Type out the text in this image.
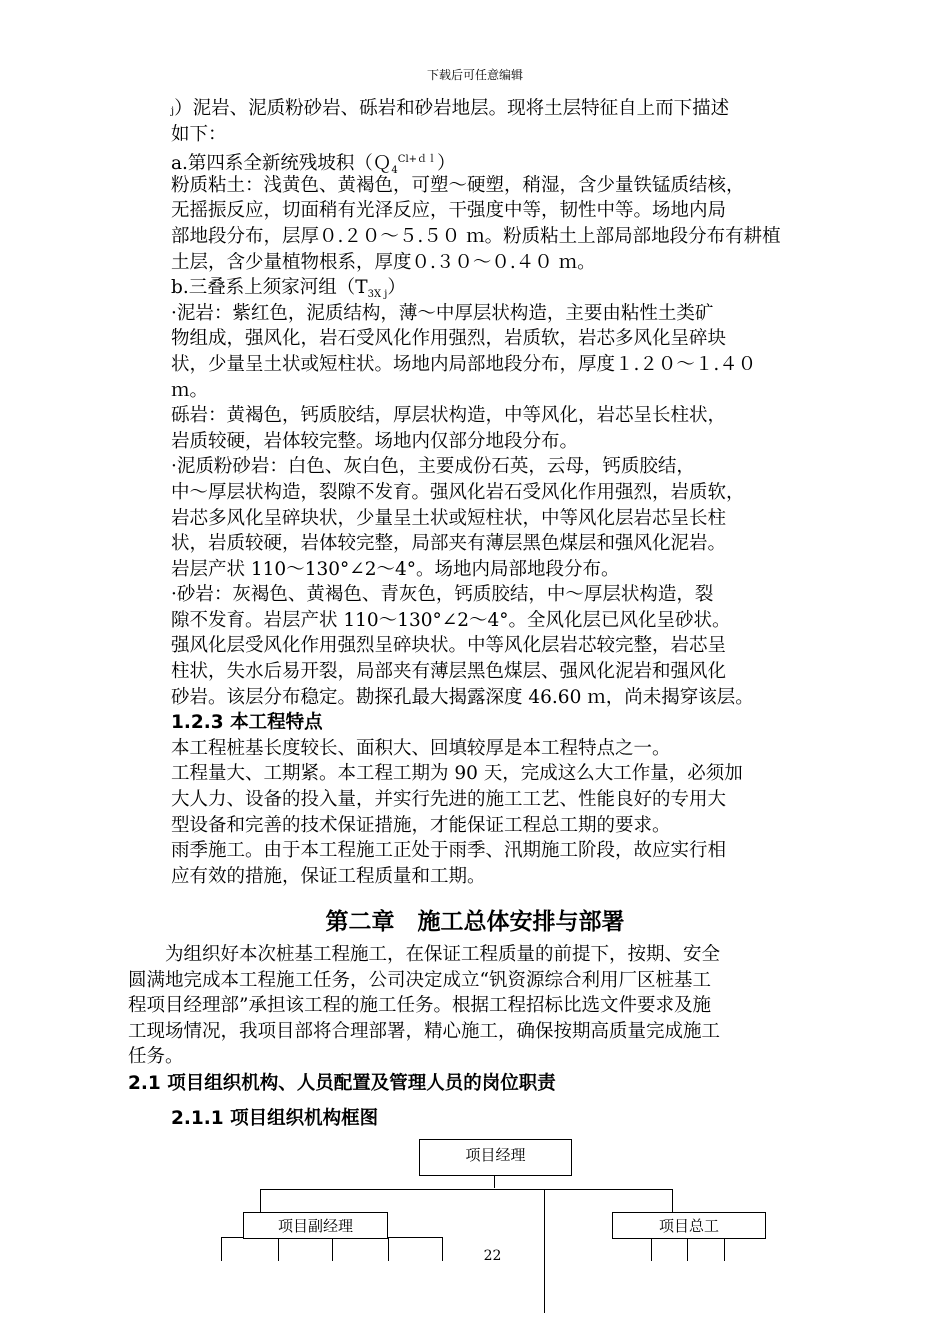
下载后可任意编辑
j）泥岩、泥质粉砂岩、砾岩和砂岩地层。现将土层特征自上而下描述
如下：
a.第四系全新统残坡积（Ｑ$_4^{Cl+dl}$）
粉质粘土：浅黄色、黄褐色，可塑～硬塑，稍湿，含少量铁锰质结核，
无摇振反应，切面稍有光泽反应，干强度中等，韧性中等。场地内局
部地段分布，层厚０.２０～５.５０ ｍ。粉质粘土上部局部地段分布有耕植
土层，含少量植物根系，厚度０.３０～０.４０ ｍ。
b.三叠系上须家河组$(T_{3X j})$
·泥岩：紫红色，泥质结构，薄～中厚层状构造，主要由粘性土类矿
物组成，强风化，岩石受风化作用强烈，岩质软，岩芯多风化呈碎块
状，少量呈土状或短柱状。场地内局部地段分布，厚度１.２０～１.４０
ｍ。
砾岩：黄褐色，钙质胶结，厚层状构造，中等风化，岩芯呈长柱状，
岩质较硬，岩体较完整。场地内仅部分地段分布。
·泥质粉砂岩：白色、灰白色，主要成份石英，云母，钙质胶结，
中～厚层状构造，裂隙不发育。强风化岩石受风化作用强烈，岩质软，
岩芯多风化呈碎块状，少量呈土状或短柱状，中等风化层岩芯呈长柱
状，岩质较硬，岩体较完整，局部夹有薄层黑色煤层和强风化泥岩。
岩层产状 110～130°∠2～4°。场地内局部地段分布。
·砂岩：灰褐色、黄褐色、青灰色，钙质胶结，中～厚层状构造，裂
隙不发育。岩层产状 110～130°∠2～4°。全风化层已风化呈砂状。
强风化层受风化作用强烈呈碎块状。中等风化层岩芯较完整，岩芯呈
柱状，失水后易开裂，局部夹有薄层黑色煤层、强风化泥岩和强风化
砂岩。该层分布稳定。勘探孔最大揭露深度 46.60 ｍ，尚未揭穿该层。
1.2.3 本工程特点
本工程桩基长度较长、面积大、回填较厚是本工程特点之一。
工程量大、工期紧。本工程工期为 90 天，完成这么大工作量，必须加
大人力、设备的投入量，并实行先进的施工工艺、性能良好的专用大
型设备和完善的技术保证措施，才能保证工程总工期的要求。
雨季施工。由于本工程施工正处于雨季、汛期施工阶段，故应实行相
应有效的措施，保证工程质量和工期。
第二章　施工总体安排与部署
　　为组织好本次桩基工程施工，在保证工程质量的前提下，按期、安全
圆满地完成本工程施工任务，公司决定成立“钒资源综合利用厂区桩基工
程项目经理部”承担该工程的施工任务。根据工程招标比选文件要求及施
工现场情况，我项目部将合理部署，精心施工，确保按期高质量完成施工
任务。
2.1 项目组织机构、人员配置及管理人员的岗位职责
2.1.1 项目组织机构框图
项目经理
项目副经理	项目总工
22
